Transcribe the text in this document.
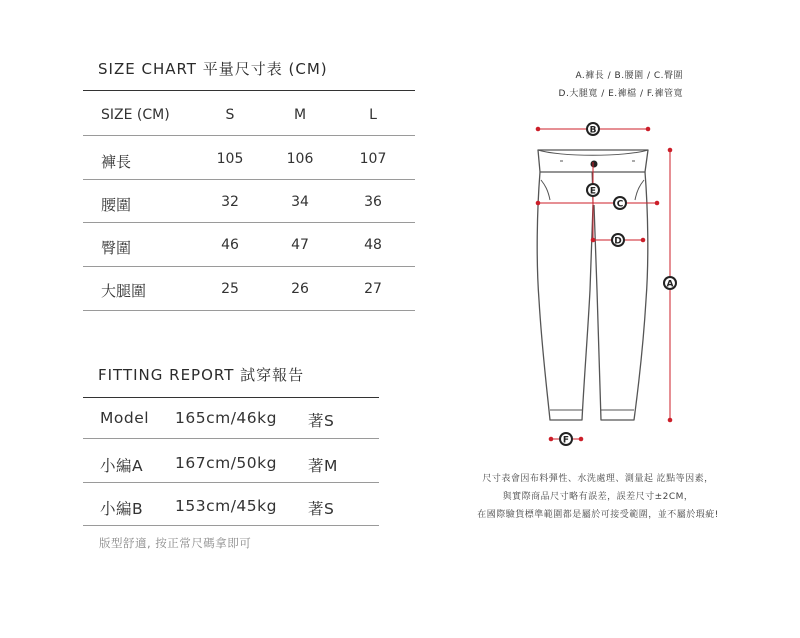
SIZE CHART 平量尺寸表 (CM)
SIZE (CM)	S	M	L
褲長	105	106	107
腰圍	32	34	36
臀圍	46	47	48
大腿圍	25	26	27
FITTING REPORT 試穿報告
Model 165cm/46kg 著S
小編A 167cm/50kg 著M
小編B 153cm/45kg 著S
版型舒適, 按正常尺碼拿即可
A.褲長 / B.腰圍 / C.臀圍
D.大腿寬 / E.褲檔 / F.褲管寬
B
E
C
D
A
F
尺寸表會因布料彈性、水洗處理、測量起 訖點等因素，
與實際商品尺寸略有誤差，誤差尺寸±2CM，
在國際驗貨標準範圍都是屬於可接受範圍，並不屬於瑕疵!
